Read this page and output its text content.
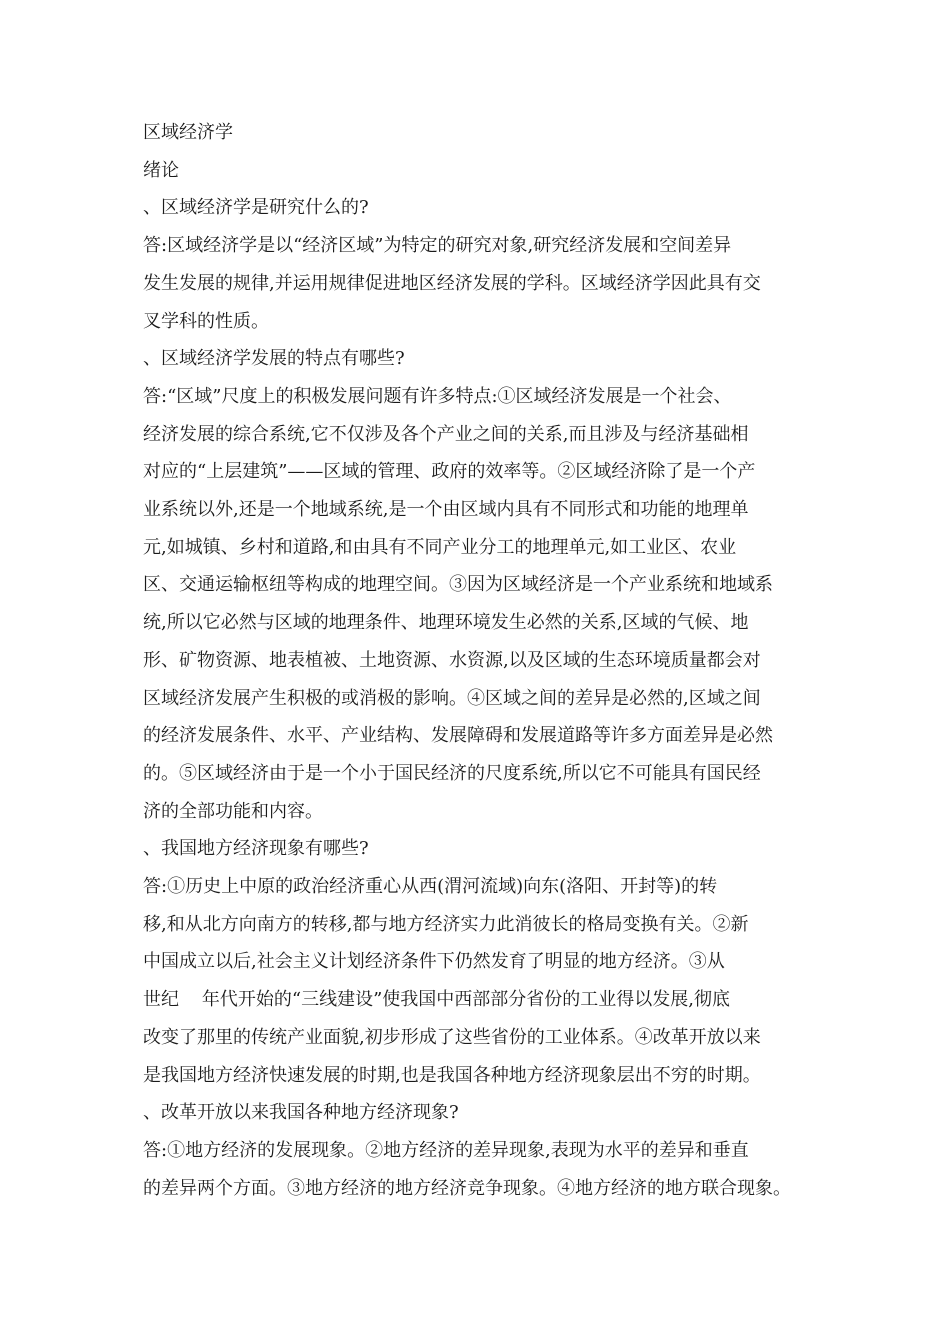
区域经济学

绪论

、区域经济学是研究什么的?

答:区域经济学是以“经济区域”为特定的研究对象,研究经济发展和空间差异

发生发展的规律,并运用规律促进地区经济发展的学科。区域经济学因此具有交

叉学科的性质。

、区域经济学发展的特点有哪些?

答:“区域”尺度上的积极发展问题有许多特点:①区域经济发展是一个社会、

经济发展的综合系统,它不仅涉及各个产业之间的关系,而且涉及与经济基础相

对应的“上层建筑”——区域的管理、政府的效率等。②区域经济除了是一个产

业系统以外,还是一个地域系统,是一个由区域内具有不同形式和功能的地理单

元,如城镇、乡村和道路,和由具有不同产业分工的地理单元,如工业区、农业

区、交通运输枢纽等构成的地理空间。③因为区域经济是一个产业系统和地域系

统,所以它必然与区域的地理条件、地理环境发生必然的关系,区域的气候、地

形、矿物资源、地表植被、土地资源、水资源,以及区域的生态环境质量都会对

区域经济发展产生积极的或消极的影响。④区域之间的差异是必然的,区域之间

的经济发展条件、水平、产业结构、发展障碍和发展道路等许多方面差异是必然

的。⑤区域经济由于是一个小于国民经济的尺度系统,所以它不可能具有国民经

济的全部功能和内容。

、我国地方经济现象有哪些?

答:①历史上中原的政治经济重心从西(渭河流域)向东(洛阳、开封等)的转

移,和从北方向南方的转移,都与地方经济实力此消彼长的格局变换有关。②新

中国成立以后,社会主义计划经济条件下仍然发育了明显的地方经济。③从

世纪    年代开始的“三线建设”使我国中西部部分省份的工业得以发展,彻底

改变了那里的传统产业面貌,初步形成了这些省份的工业体系。④改革开放以来

是我国地方经济快速发展的时期,也是我国各种地方经济现象层出不穷的时期。

、改革开放以来我国各种地方经济现象?

答:①地方经济的发展现象。②地方经济的差异现象,表现为水平的差异和垂直

的差异两个方面。③地方经济的地方经济竞争现象。④地方经济的地方联合现象。
